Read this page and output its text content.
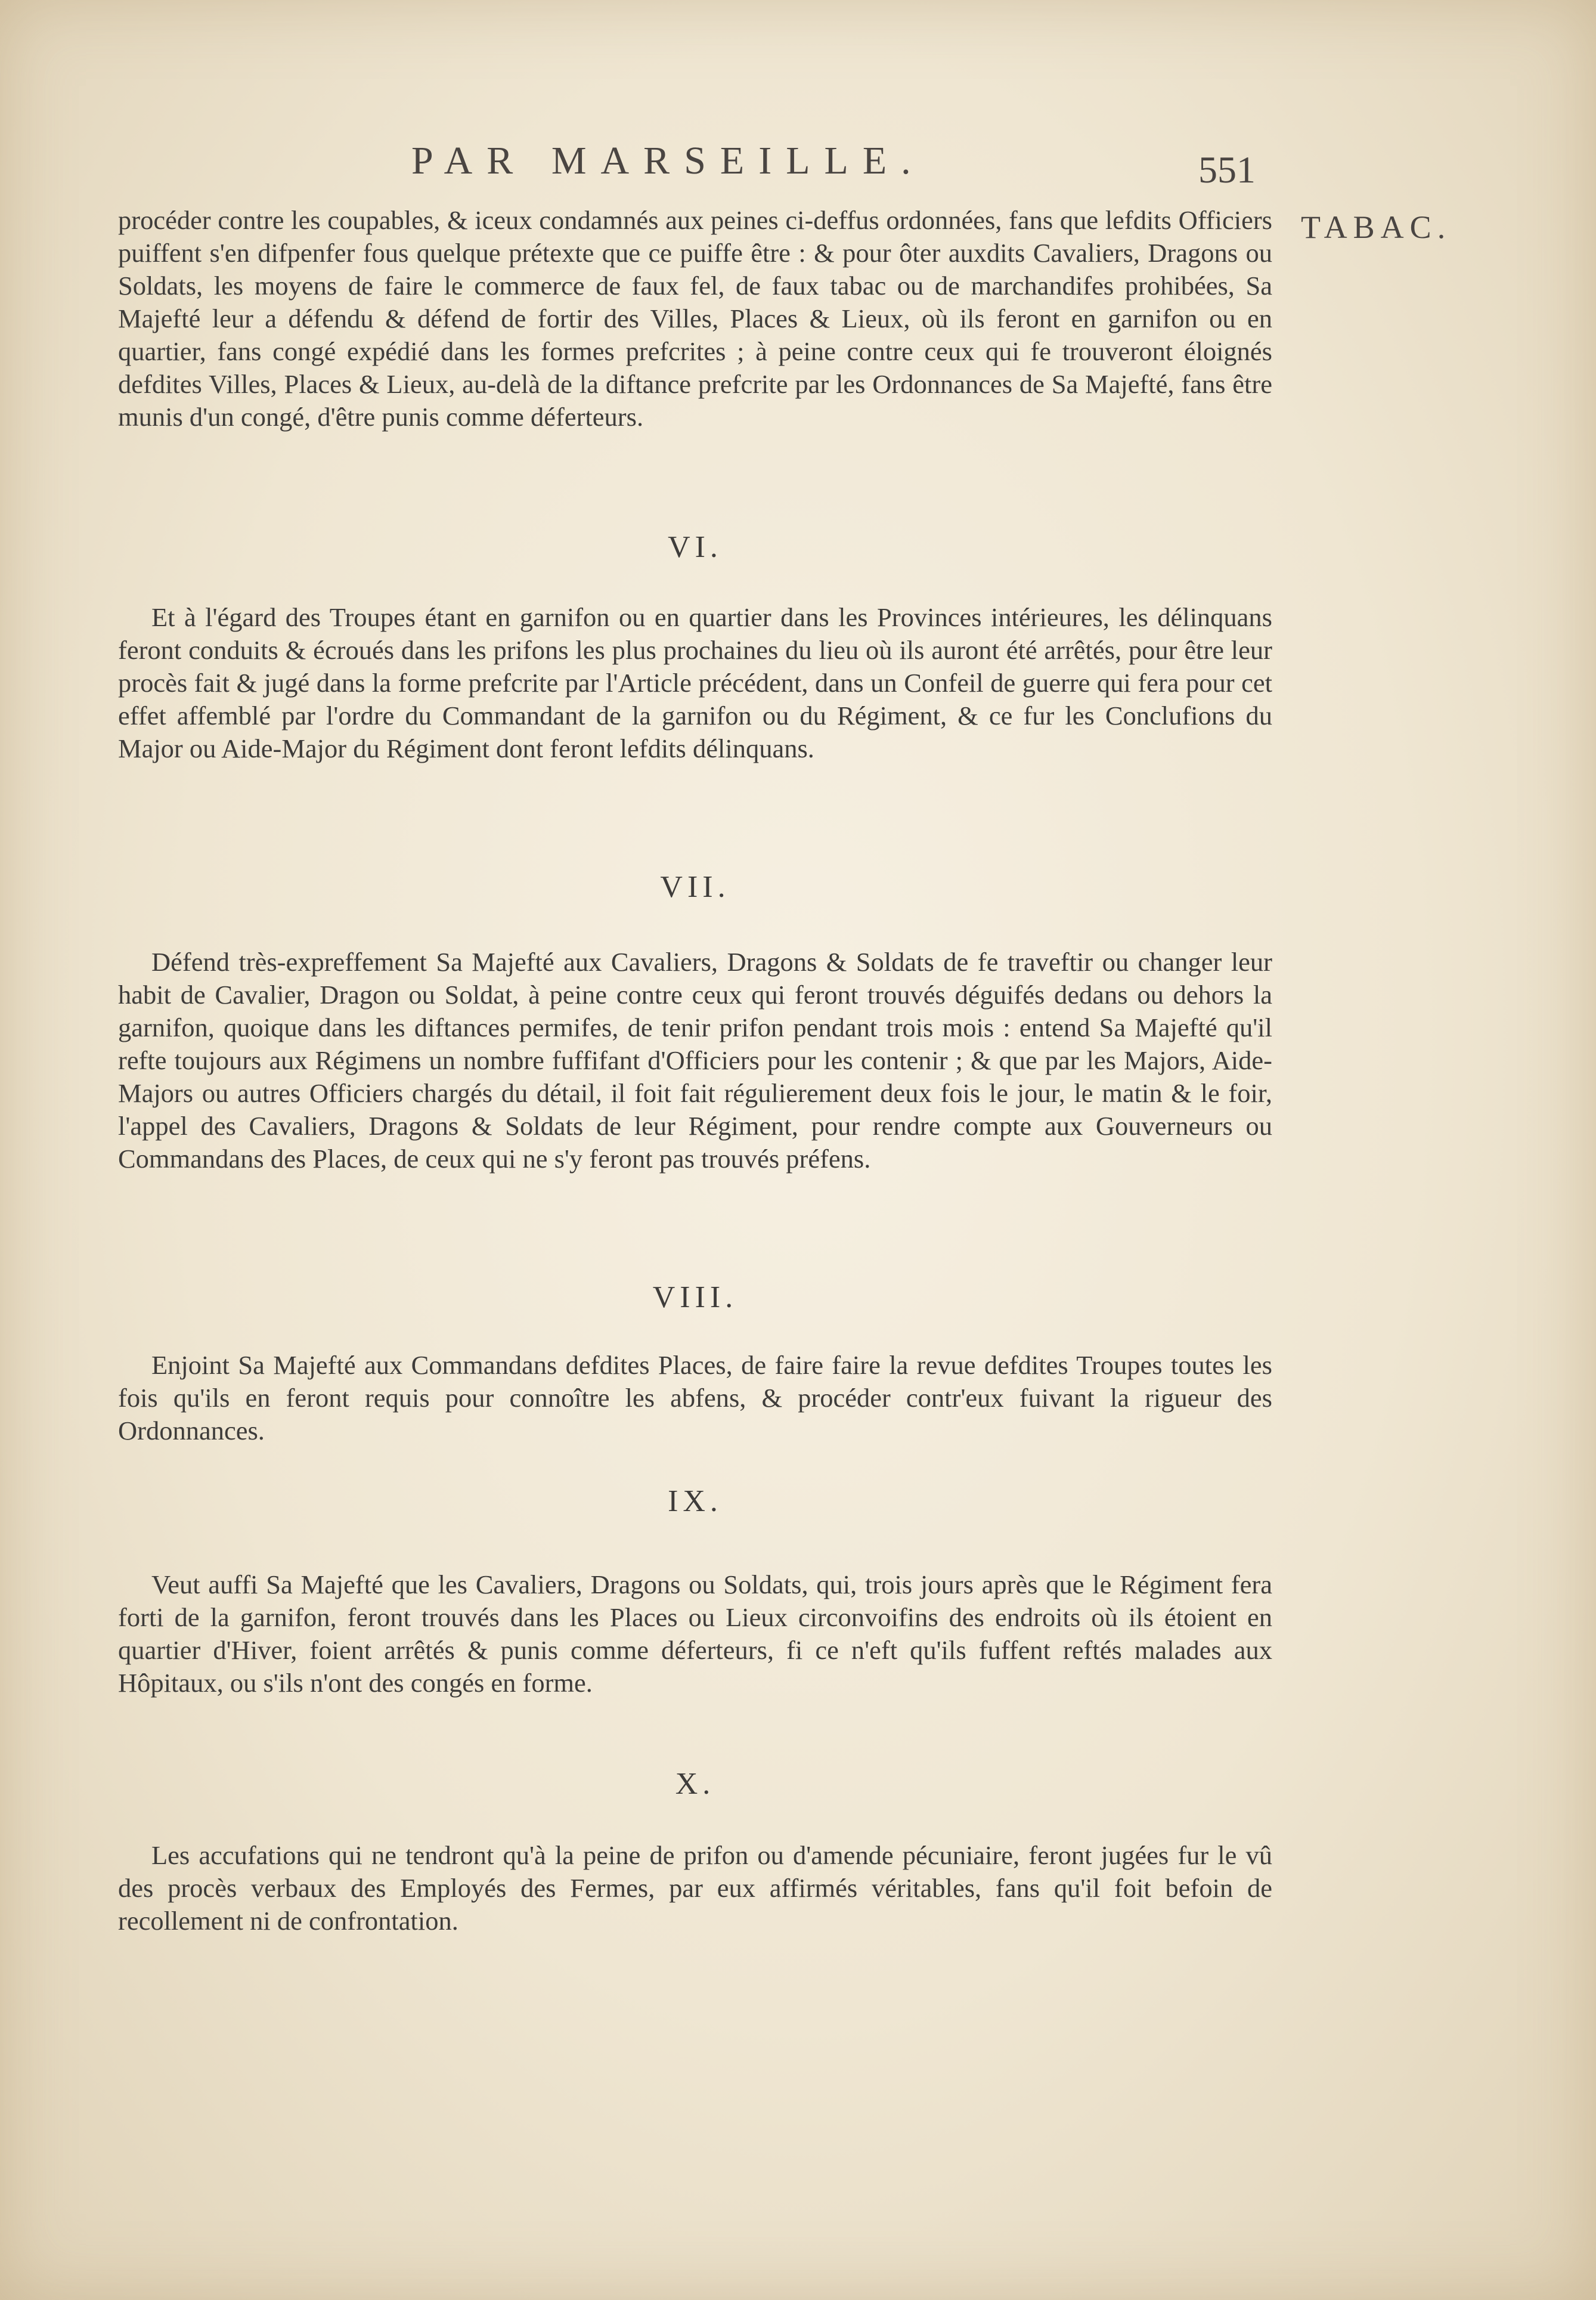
PAR MARSEILLE.	551
TABAC.

procéder contre les coupables, & iceux condamnés aux peines ci-deffus ordonnées, fans que lefdits Officiers puiffent s'en difpenfer fous quelque prétexte que ce puiffe être : & pour ôter auxdits Cavaliers, Dragons ou Soldats, les moyens de faire le commerce de faux fel, de faux tabac ou de marchandifes prohibées, Sa Majefté leur a défendu & défend de fortir des Villes, Places & Lieux, où ils feront en garnifon ou en quartier, fans congé expédié dans les formes prefcrites ; à peine contre ceux qui fe trouveront éloignés defdites Villes, Places & Lieux, au-delà de la diftance prefcrite par les Ordonnances de Sa Majefté, fans être munis d'un congé, d'être punis comme déferteurs.

VI.

Et à l'égard des Troupes étant en garnifon ou en quartier dans les Provinces intérieures, les délinquans feront conduits & écroués dans les prifons les plus prochaines du lieu où ils auront été arrêtés, pour être leur procès fait & jugé dans la forme prefcrite par l'Article précédent, dans un Confeil de guerre qui fera pour cet effet affemblé par l'ordre du Commandant de la garnifon ou du Régiment, & ce fur les Conclufions du Major ou Aide-Major du Régiment dont feront lefdits délinquans.

VII.

Défend très-expreffement Sa Majefté aux Cavaliers, Dragons & Soldats de fe traveftir ou changer leur habit de Cavalier, Dragon ou Soldat, à peine contre ceux qui feront trouvés déguifés dedans ou dehors la garnifon, quoique dans les diftances permifes, de tenir prifon pendant trois mois : entend Sa Majefté qu'il refte toujours aux Régimens un nombre fuffifant d'Officiers pour les contenir ; & que par les Majors, Aide-Majors ou autres Officiers chargés du détail, il foit fait régulierement deux fois le jour, le matin & le foir, l'appel des Cavaliers, Dragons & Soldats de leur Régiment, pour rendre compte aux Gouverneurs ou Commandans des Places, de ceux qui ne s'y feront pas trouvés préfens.

VIII.

Enjoint Sa Majefté aux Commandans defdites Places, de faire faire la revue defdites Troupes toutes les fois qu'ils en feront requis pour connoître les abfens, & procéder contr'eux fuivant la rigueur des Ordonnances.

IX.

Veut auffi Sa Majefté que les Cavaliers, Dragons ou Soldats, qui, trois jours après que le Régiment fera forti de la garnifon, feront trouvés dans les Places ou Lieux circonvoifins des endroits où ils étoient en quartier d'Hiver, foient arrêtés & punis comme déferteurs, fi ce n'eft qu'ils fuffent reftés malades aux Hôpitaux, ou s'ils n'ont des congés en forme.

X.

Les accufations qui ne tendront qu'à la peine de prifon ou d'amende pécuniaire, feront jugées fur le vû des procès verbaux des Employés des Fermes, par eux affirmés véritables, fans qu'il foit befoin de recollement ni de confrontation.
